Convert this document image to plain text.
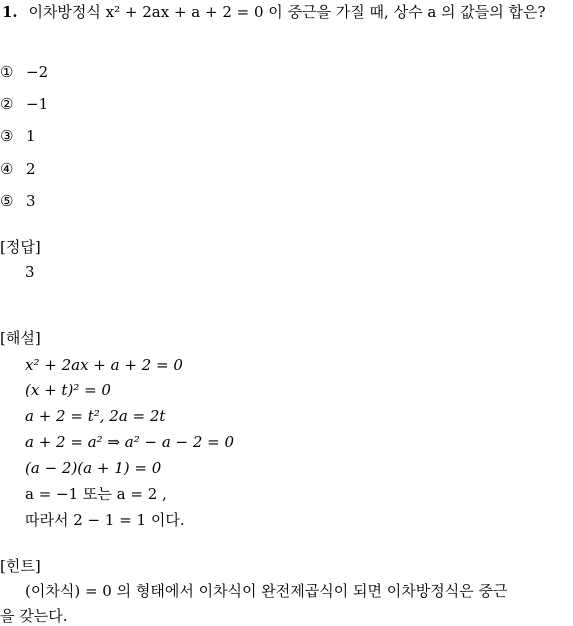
1. 이차방정식 x² + 2ax + a + 2 = 0 이 중근을 가질 때, 상수 a 의 값들의 합은?
① −2
② −1
③ 1
④ 2
⑤ 3
[정답]
3
[해설]
x² + 2ax + a + 2 = 0
(x + t)² = 0
a + 2 = t², 2a = 2t
a + 2 = a² ⇒ a² − a − 2 = 0
(a − 2)(a + 1) = 0
a = −1 또는 a = 2 ,
따라서 2 − 1 = 1 이다.
[힌트]
(이차식) = 0 의 형태에서 이차식이 완전제곱식이 되면 이차방정식은 중근
을 갖는다.
